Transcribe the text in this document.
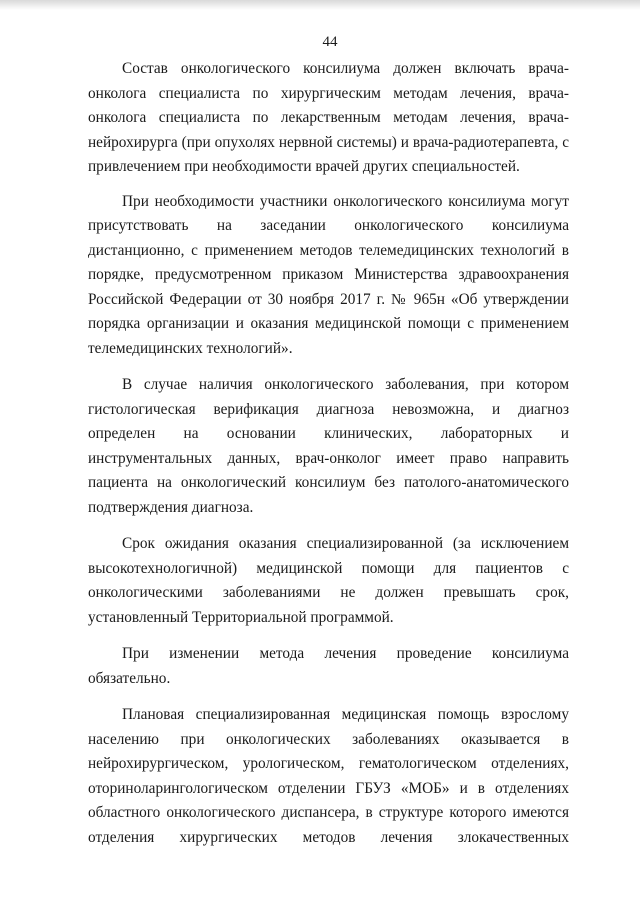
44

Состав онкологического консилиума должен включать врача-онколога специалиста по хирургическим методам лечения, врача-онколога специалиста по лекарственным методам лечения, врача-нейрохирурга (при опухолях нервной системы) и врача-радиотерапевта, с привлечением при необходимости врачей других специальностей.

При необходимости участники онкологического консилиума могут присутствовать на заседании онкологического консилиума дистанционно, с применением методов телемедицинских технологий в порядке, предусмотренном приказом Министерства здравоохранения Российской Федерации от 30 ноября 2017 г. № 965н «Об утверждении порядка организации и оказания медицинской помощи с применением телемедицинских технологий».

В случае наличия онкологического заболевания, при котором гистологическая верификация диагноза невозможна, и диагноз определен на основании клинических, лабораторных и инструментальных данных, врач-онколог имеет право направить пациента на онкологический консилиум без патолого-анатомического подтверждения диагноза.

Срок ожидания оказания специализированной (за исключением высокотехнологичной) медицинской помощи для пациентов с онкологическими заболеваниями не должен превышать срок, установленный Территориальной программой.

При изменении метода лечения проведение консилиума обязательно.

Плановая специализированная медицинская помощь взрослому населению при онкологических заболеваниях оказывается в нейрохирургическом, урологическом, гематологическом отделениях, оториноларингологическом отделении ГБУЗ «МОБ» и в отделениях областного онкологического диспансера, в структуре которого имеются отделения хирургических методов лечения злокачественных
